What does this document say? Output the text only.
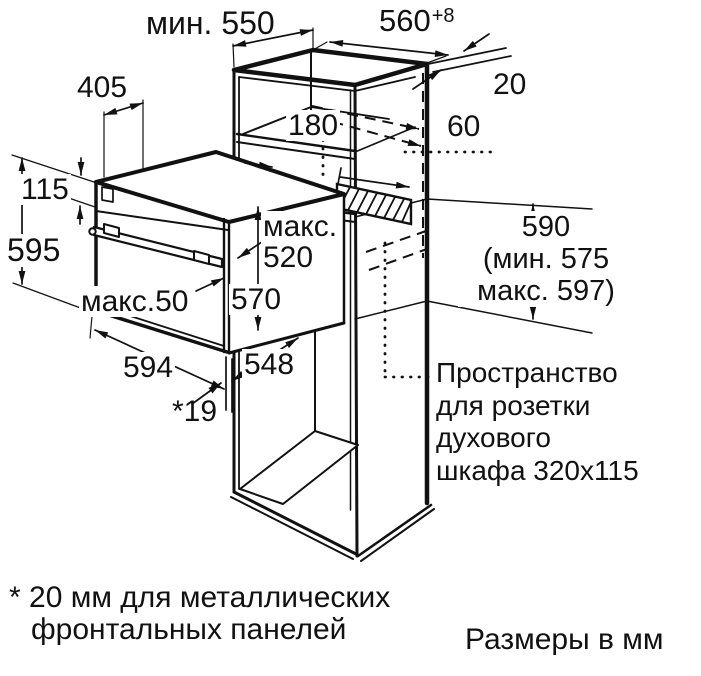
мин. 550	$560^{+8}$
20
405
180	60
115
595
макс.
520
570
макс.50
590
(мин. 575
макс. 597)
594 548
*19
Пространство
для розетки
духового
шкафа 320x115
* 20 мм для металлических
фронтальных панелей	Размеры в мм
